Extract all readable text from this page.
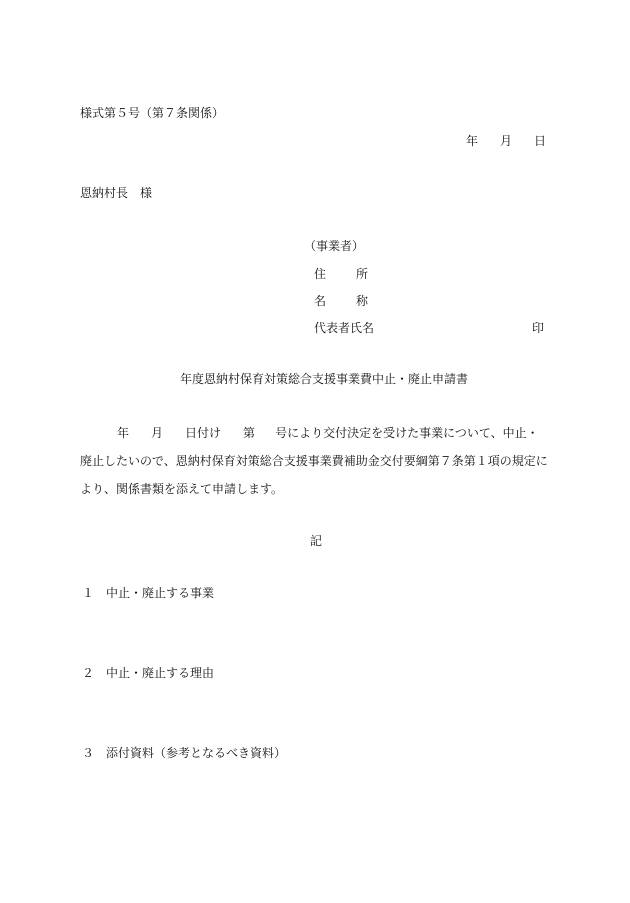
様式第５号（第７条関係）
年 月 日
恩納村長　様
（事業者）
住	所
名	称
代表者氏名	印
年度恩納村保育対策総合支援事業費中止・廃止申請書
年 月 日付け 第 号により交付決定を受けた事業について、中止・
廃止したいので、恩納村保育対策総合支援事業費補助金交付要綱第７条第１項の規定に
より、関係書類を添えて申請します。
記
１ 中止・廃止する事業
２ 中止・廃止する理由
３ 添付資料（参考となるべき資料）
